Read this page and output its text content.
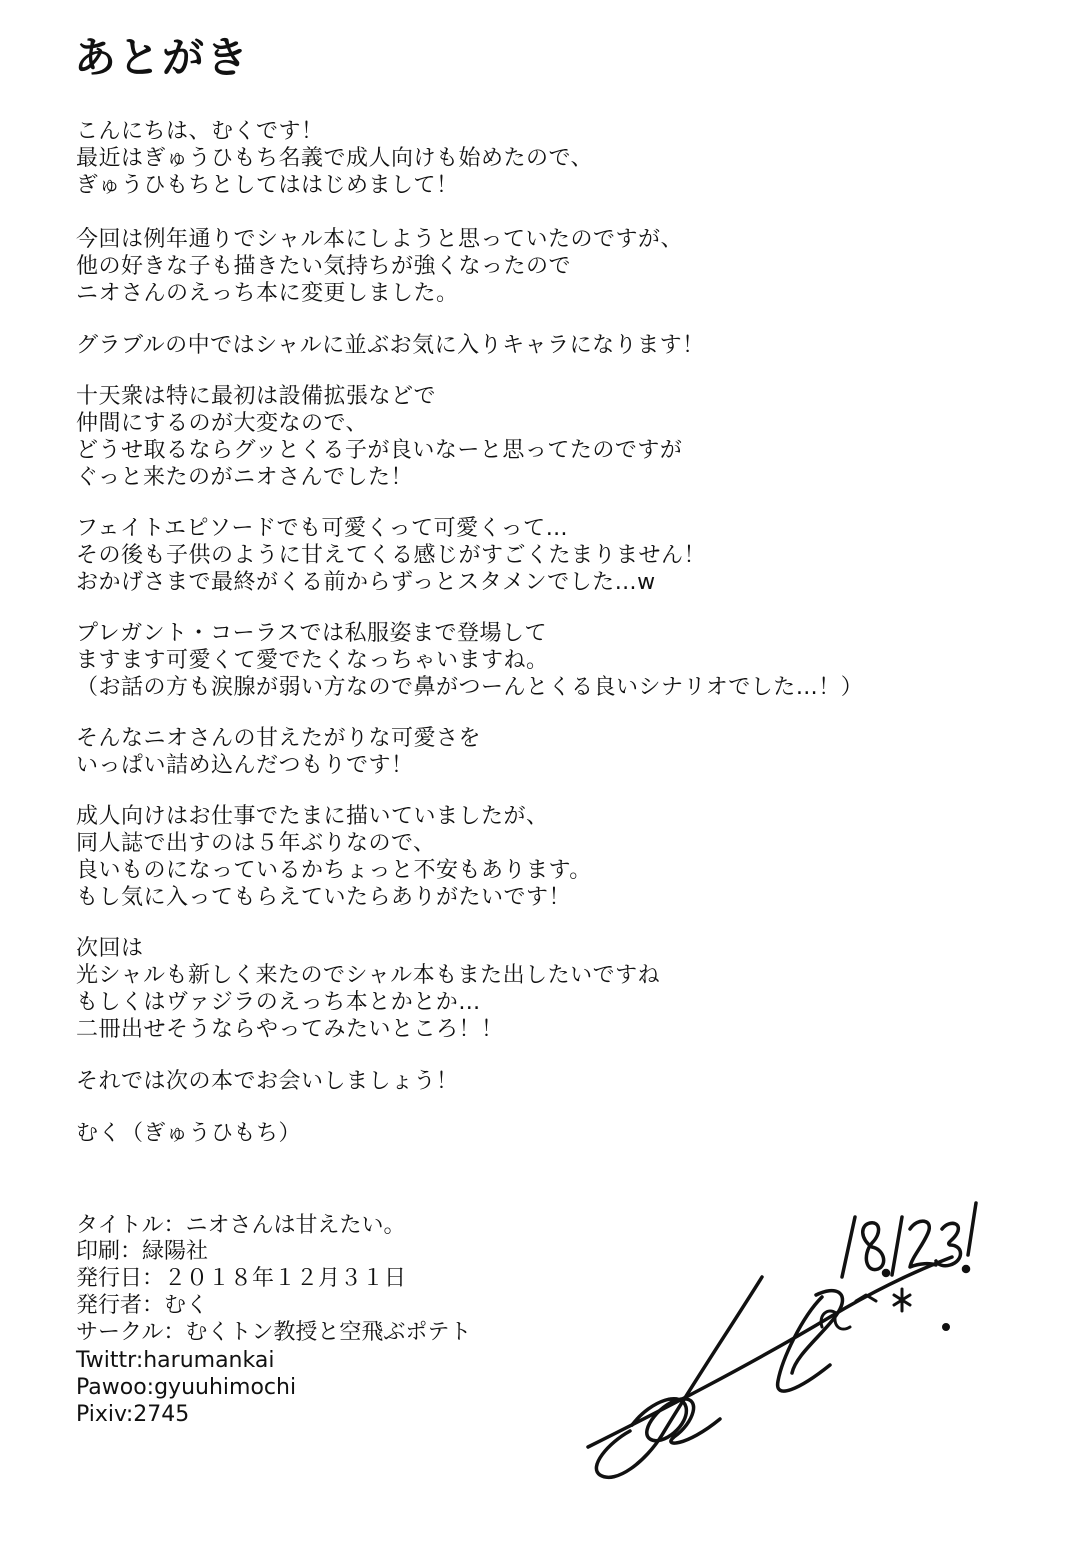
あとがき
こんにちは、むくです！
最近はぎゅうひもち名義で成人向けも始めたので、
ぎゅうひもちとしてははじめまして！
今回は例年通りでシャル本にしようと思っていたのですが、
他の好きな子も描きたい気持ちが強くなったので
ニオさんのえっち本に変更しました。
グラブルの中ではシャルに並ぶお気に入りキャラになります！
十天衆は特に最初は設備拡張などで
仲間にするのが大変なので、
どうせ取るならグッとくる子が良いなーと思ってたのですが
ぐっと来たのがニオさんでした！
フェイトエピソードでも可愛くって可愛くって…
その後も子供のように甘えてくる感じがすごくたまりません！
おかげさまで最終がくる前からずっとスタメンでした…w
プレガント・コーラスでは私服姿まで登場して
ますます可愛くて愛でたくなっちゃいますね。
（お話の方も涙腺が弱い方なので鼻がつーんとくる良いシナリオでした…！）
そんなニオさんの甘えたがりな可愛さを
いっぱい詰め込んだつもりです！
成人向けはお仕事でたまに描いていましたが、
同人誌で出すのは５年ぶりなので、
良いものになっているかちょっと不安もあります。
もし気に入ってもらえていたらありがたいです！
次回は
光シャルも新しく来たのでシャル本もまた出したいですね
もしくはヴァジラのえっち本とかとか…
二冊出せそうならやってみたいところ！！
それでは次の本でお会いしましょう！
むく（ぎゅうひもち）
タイトル：ニオさんは甘えたい。
印刷：緑陽社
発行日：２０１８年１２月３１日
発行者：むく
サークル：むくトン教授と空飛ぶポテト
Twittr:harumankai
Pawoo:gyuuhimochi
Pixiv:2745
